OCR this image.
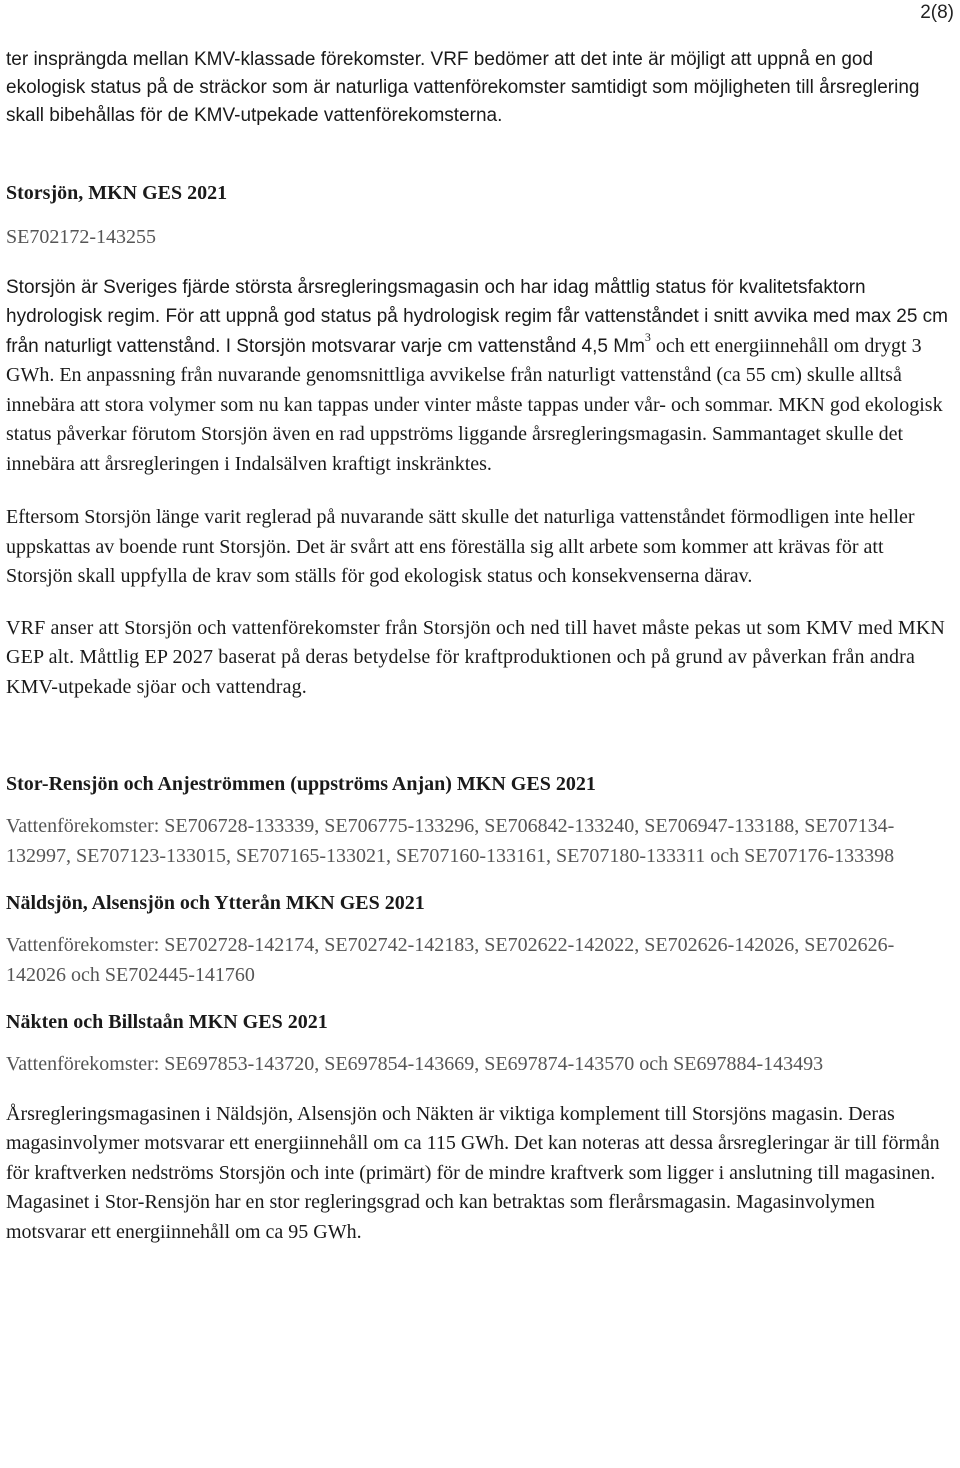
2(8)

ter insprängda mellan KMV-klassade förekomster. VRF bedömer att det inte är möjligt att uppnå en god ekologisk status på de sträckor som är naturliga vattenförekomster samtidigt som möjligheten till årsreglering skall bibehållas för de KMV-utpekade vattenförekomsterna.

Storsjön, MKN GES 2021

SE702172-143255

Storsjön är Sveriges fjärde största årsregleringsmagasin och har idag måttlig status för kvalitetsfaktorn hydrologisk regim. För att uppnå god status på hydrologisk regim får vattenståndet i snitt avvika med max 25 cm från naturligt vattenstånd. I Storsjön motsvarar varje cm vattenstånd 4,5 Mm$^3$ och ett energiinnehåll om drygt 3 GWh. En anpassning från nuvarande genomsnittliga avvikelse från naturligt vattenstånd (ca 55 cm) skulle alltså innebära att stora volymer som nu kan tappas under vinter måste tappas under vår- och sommar. MKN god ekologisk status påverkar förutom Storsjön även en rad uppströms liggande årsregleringsmagasin. Sammantaget skulle det innebära att årsregleringen i Indalsälven kraftigt inskränktes.

Eftersom Storsjön länge varit reglerad på nuvarande sätt skulle det naturliga vattenståndet förmodligen inte heller uppskattas av boende runt Storsjön. Det är svårt att ens föreställa sig allt arbete som kommer att krävas för att Storsjön skall uppfylla de krav som ställs för god ekologisk status och konsekvenserna därav.

VRF anser att Storsjön och vattenförekomster från Storsjön och ned till havet måste pekas ut som KMV med MKN GEP alt. Måttlig EP 2027 baserat på deras betydelse för kraftproduktionen och på grund av påverkan från andra KMV-utpekade sjöar och vattendrag.

Stor-Rensjön och Anjeströmmen (uppströms Anjan) MKN GES 2021

Vattenförekomster: SE706728-133339, SE706775-133296, SE706842-133240, SE706947-133188, SE707134-132997, SE707123-133015, SE707165-133021, SE707160-133161, SE707180-133311 och SE707176-133398

Näldsjön, Alsensjön och Ytterån MKN GES 2021

Vattenförekomster: SE702728-142174, SE702742-142183, SE702622-142022, SE702626-142026, SE702626-142026 och SE702445-141760

Näkten och Billstaån MKN GES 2021

Vattenförekomster: SE697853-143720, SE697854-143669, SE697874-143570 och SE697884-143493

Årsregleringsmagasinen i Näldsjön, Alsensjön och Näkten är viktiga komplement till Storsjöns magasin. Deras magasinvolymer motsvarar ett energiinnehåll om ca 115 GWh. Det kan noteras att dessa årsregleringar är till förmån för kraftverken nedströms Storsjön och inte (primärt) för de mindre kraftverk som ligger i anslutning till magasinen. Magasinet i Stor-Rensjön har en stor regleringsgrad och kan betraktas som flerårsmagasin. Magasinvolymen motsvarar ett energiinnehåll om ca 95 GWh.
